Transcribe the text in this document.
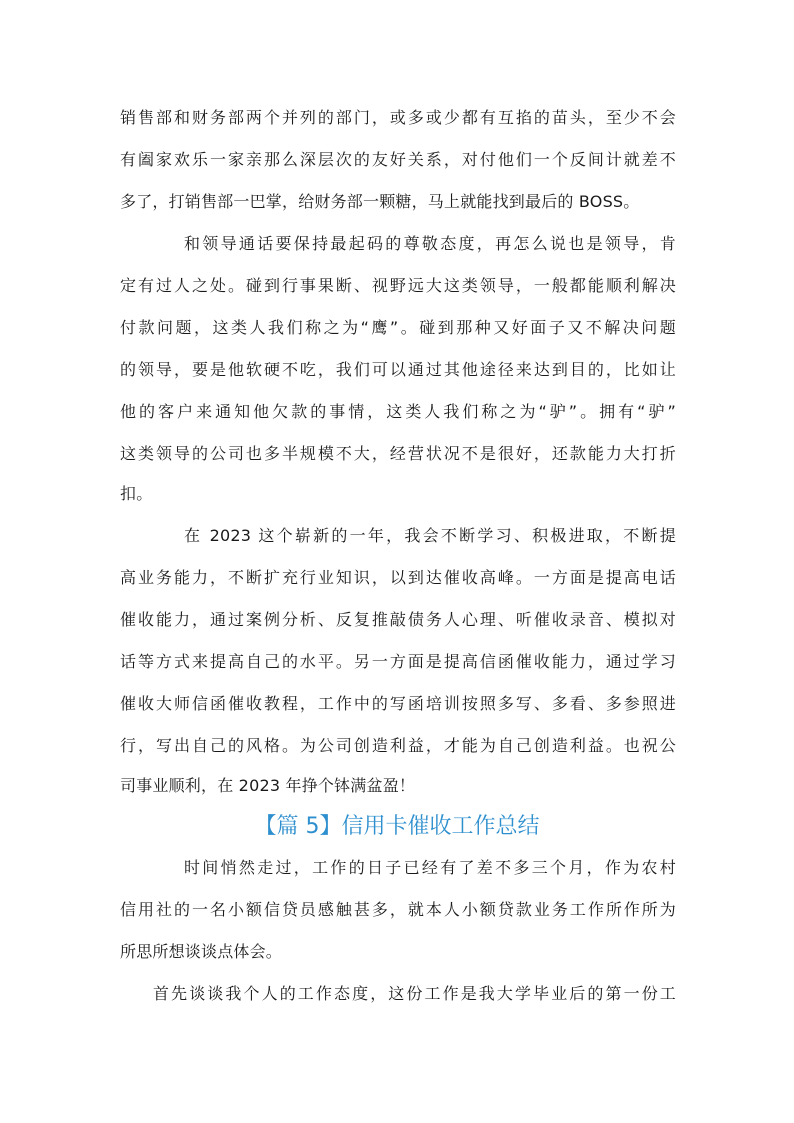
销售部和财务部两个并列的部门，或多或少都有互掐的苗头，至少不会
有阖家欢乐一家亲那么深层次的友好关系，对付他们一个反间计就差不
多了，打销售部一巴掌，给财务部一颗糖，马上就能找到最后的 BOSS。
和领导通话要保持最起码的尊敬态度，再怎么说也是领导，肯
定有过人之处。碰到行事果断、视野远大这类领导，一般都能顺利解决
付款问题，这类人我们称之为“鹰”。碰到那种又好面子又不解决问题
的领导，要是他软硬不吃，我们可以通过其他途径来达到目的，比如让
他的客户来通知他欠款的事情，这类人我们称之为“驴”。拥有“驴”
这类领导的公司也多半规模不大，经营状况不是很好，还款能力大打折
扣。
在 2023 这个崭新的一年，我会不断学习、积极进取，不断提
高业务能力，不断扩充行业知识，以到达催收高峰。一方面是提高电话
催收能力，通过案例分析、反复推敲债务人心理、听催收录音、模拟对
话等方式来提高自己的水平。另一方面是提高信函催收能力，通过学习
催收大师信函催收教程，工作中的写函培训按照多写、多看、多参照进
行，写出自己的风格。为公司创造利益，才能为自己创造利益。也祝公
司事业顺利，在 2023 年挣个钵满盆盈！
【篇 5】信用卡催收工作总结
时间悄然走过，工作的日子已经有了差不多三个月，作为农村
信用社的一名小额信贷员感触甚多，就本人小额贷款业务工作所作所为
所思所想谈谈点体会。
首先谈谈我个人的工作态度，这份工作是我大学毕业后的第一份工
